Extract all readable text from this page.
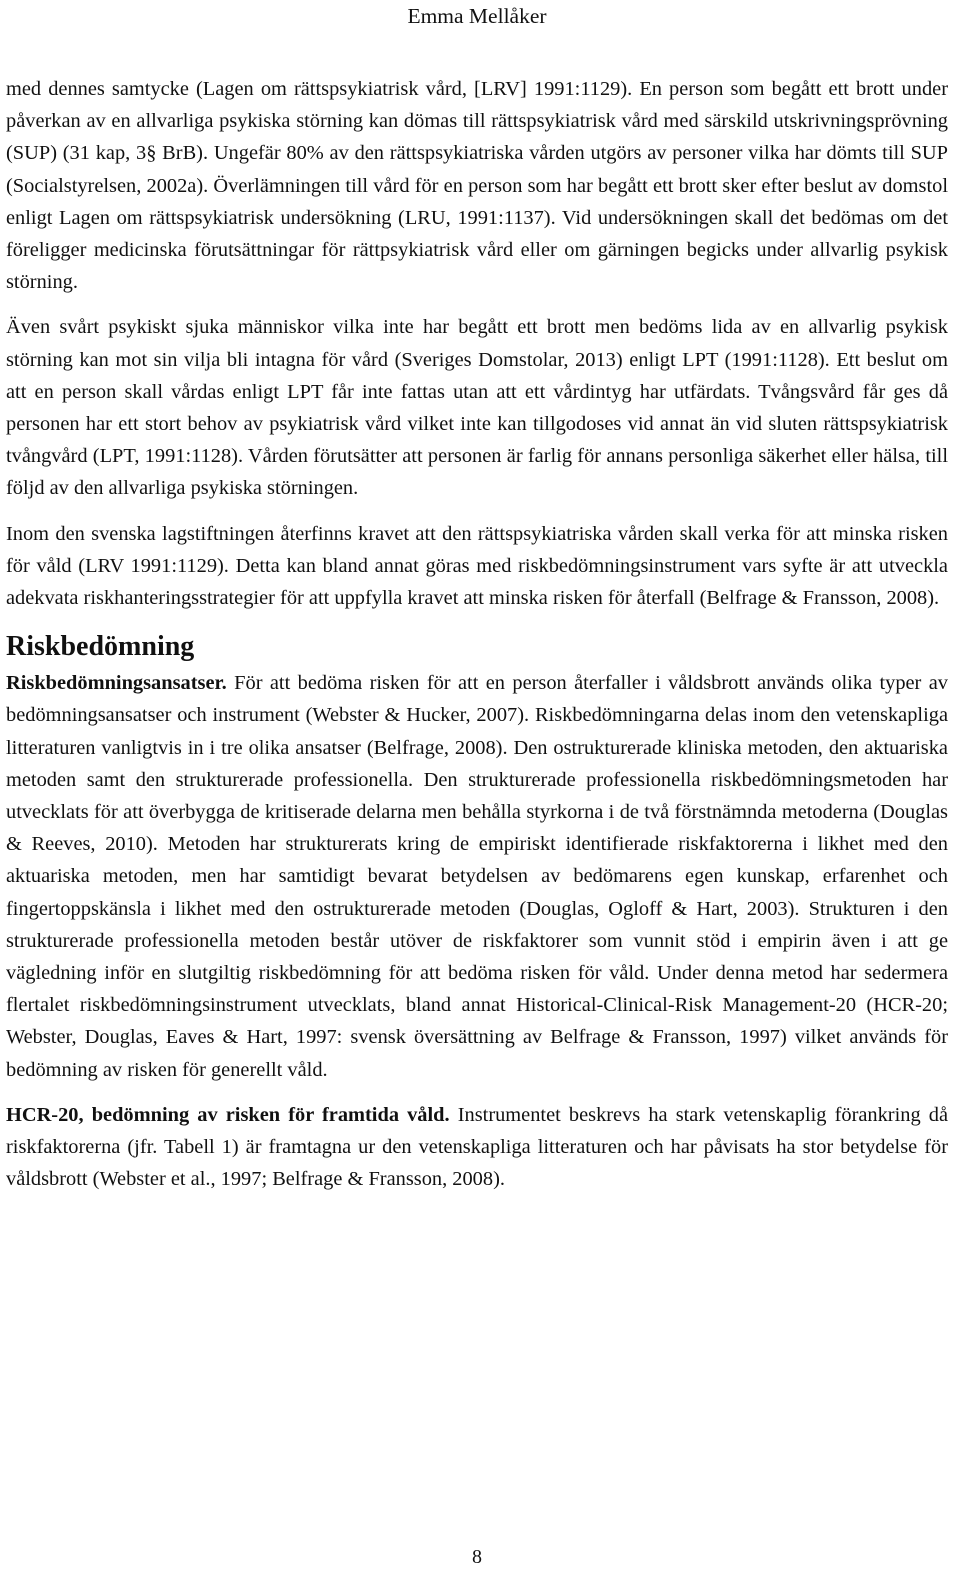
Emma Mellåker

med dennes samtycke (Lagen om rättspsykiatrisk vård, [LRV] 1991:1129). En person som begått ett brott under påverkan av en allvarliga psykiska störning kan dömas till rättspsykiatrisk vård med särskild utskrivningsprövning (SUP) (31 kap, 3§ BrB). Ungefär 80% av den rättspsykiatriska vården utgörs av personer vilka har dömts till SUP (Socialstyrelsen, 2002a). Överlämningen till vård för en person som har begått ett brott sker efter beslut av domstol enligt Lagen om rättspsykiatrisk undersökning (LRU, 1991:1137). Vid undersökningen skall det bedömas om det föreligger medicinska förutsättningar för rättpsykiatrisk vård eller om gärningen begicks under allvarlig psykisk störning.

Även svårt psykiskt sjuka människor vilka inte har begått ett brott men bedöms lida av en allvarlig psykisk störning kan mot sin vilja bli intagna för vård (Sveriges Domstolar, 2013) enligt LPT (1991:1128). Ett beslut om att en person skall vårdas enligt LPT får inte fattas utan att ett vårdintyg har utfärdats. Tvångsvård får ges då personen har ett stort behov av psykiatrisk vård vilket inte kan tillgodoses vid annat än vid sluten rättspsykiatrisk tvångvård (LPT, 1991:1128). Vården förutsätter att personen är farlig för annans personliga säkerhet eller hälsa, till följd av den allvarliga psykiska störningen.

Inom den svenska lagstiftningen återfinns kravet att den rättspsykiatriska vården skall verka för att minska risken för våld (LRV 1991:1129). Detta kan bland annat göras med riskbedömningsinstrument vars syfte är att utveckla adekvata riskhanteringsstrategier för att uppfylla kravet att minska risken för återfall (Belfrage & Fransson, 2008).

Riskbedömning

Riskbedömningsansatser. För att bedöma risken för att en person återfaller i våldsbrott används olika typer av bedömningsansatser och instrument (Webster & Hucker, 2007). Riskbedömningarna delas inom den vetenskapliga litteraturen vanligtvis in i tre olika ansatser (Belfrage, 2008). Den ostrukturerade kliniska metoden, den aktuariska metoden samt den strukturerade professionella. Den strukturerade professionella riskbedömningsmetoden har utvecklats för att överbygga de kritiserade delarna men behålla styrkorna i de två förstnämnda metoderna (Douglas & Reeves, 2010). Metoden har strukturerats kring de empiriskt identifierade riskfaktorerna i likhet med den aktuariska metoden, men har samtidigt bevarat betydelsen av bedömarens egen kunskap, erfarenhet och fingertoppskänsla i likhet med den ostrukturerade metoden (Douglas, Ogloff & Hart, 2003). Strukturen i den strukturerade professionella metoden består utöver de riskfaktorer som vunnit stöd i empirin även i att ge vägledning inför en slutgiltig riskbedömning för att bedöma risken för våld. Under denna metod har sedermera flertalet riskbedömningsinstrument utvecklats, bland annat Historical-Clinical-Risk Management-20 (HCR-20; Webster, Douglas, Eaves & Hart, 1997: svensk översättning av Belfrage & Fransson, 1997) vilket används för bedömning av risken för generellt våld.

HCR-20, bedömning av risken för framtida våld. Instrumentet beskrevs ha stark vetenskaplig förankring då riskfaktorerna (jfr. Tabell 1) är framtagna ur den vetenskapliga litteraturen och har påvisats ha stor betydelse för våldsbrott (Webster et al., 1997; Belfrage & Fransson, 2008).

8
